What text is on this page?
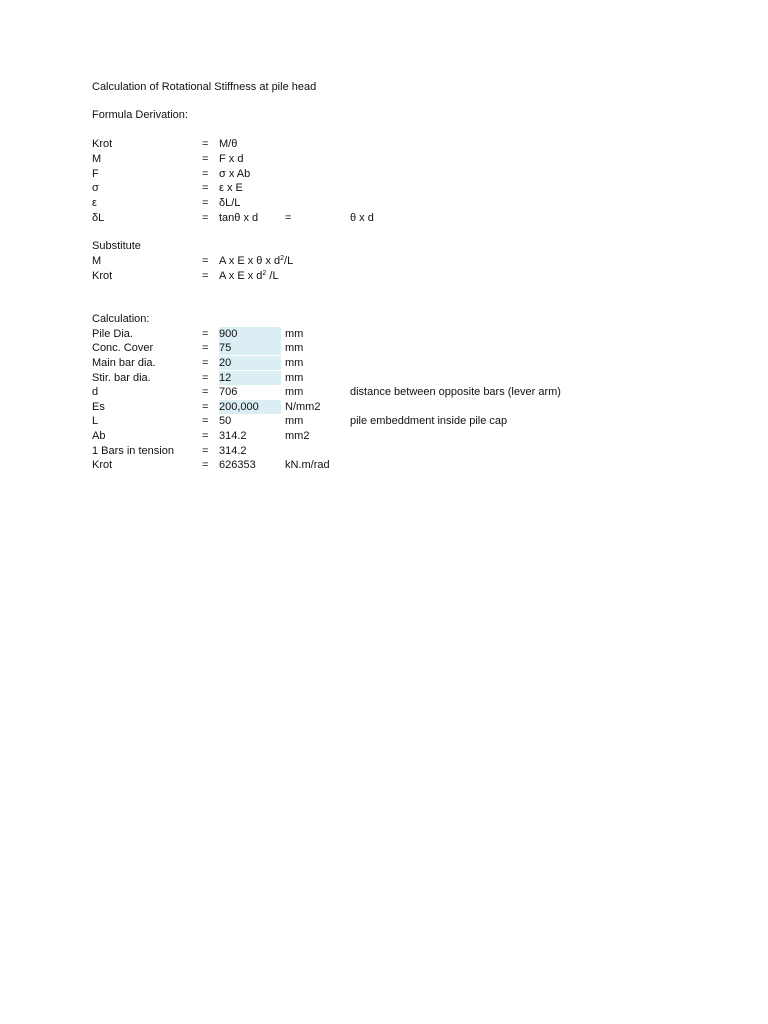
Calculation of Rotational Stiffness at pile head
Formula Derivation:
Krot	= M/θ
M	= F x d
F	= σ x Ab
σ	= ε x E
ε	= δL/L
δL	= tanθ x d	=	θ x d
Substitute
M	= A x E x θ x $d^2/L$
Krot	= A x E x $d^2$ /L
Calculation:
Pile Dia.	= 900	mm
Conc. Cover	= 75	mm
Main bar dia.	= 20	mm
Stir. bar dia.	= 12	mm
d	= 706	mm	distance between opposite bars (lever arm)
Es	= 200,000	N/mm2
L	= 50	mm	pile embeddment inside pile cap
Ab	= 314.2	mm2
1 Bars in tension	= 314.2
Krot	= 626353	kN.m/rad
